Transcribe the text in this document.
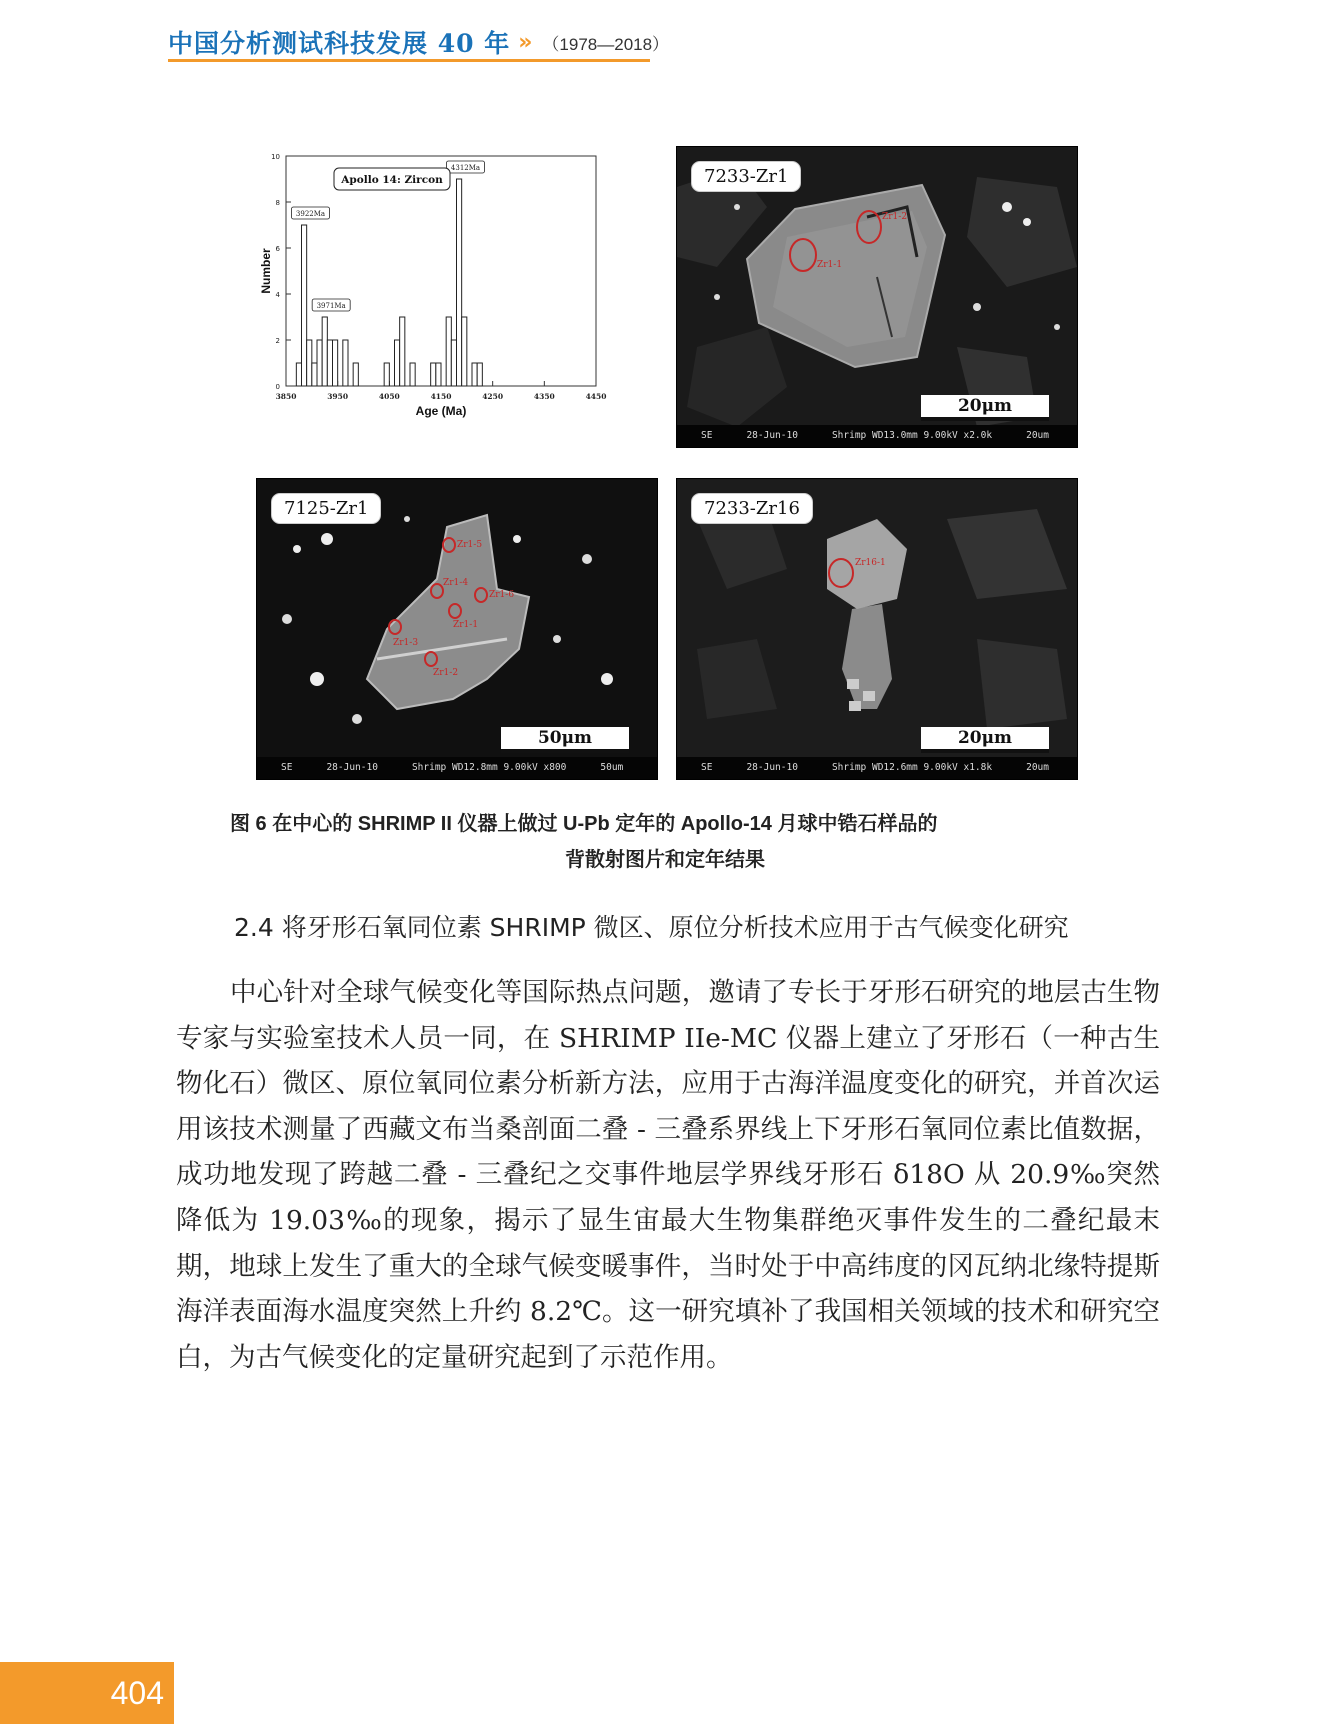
中国分析测试科技发展 40 年 » （1978—2018）
0
2
4
6
8
10
3850	3950	4050	4150	4250	4350	4450
3922Ma
3971Ma
4312Ma
Apollo 14: Zircon
Age (Ma)
Number
Zr1-2
Zr1-1
7233-Zr1
20μm
SE	28-Jun-10	Shrimp WD13.0mm 9.00kV x2.0k	20um
Zr1-5
Zr1-4
Zr1-6
Zr1-1
Zr1-3
Zr1-2
7125-Zr1
50μm
SE	28-Jun-10	Shrimp WD12.8mm 9.00kV x800	50um
Zr16-1
7233-Zr16
20μm
SE	28-Jun-10	Shrimp WD12.6mm 9.00kV x1.8k	20um
图 6 在中心的 SHRIMP II 仪器上做过 U-Pb 定年的 Apollo-14 月球中锆石样品的
背散射图片和定年结果
2.4 将牙形石氧同位素 SHRIMP 微区、原位分析技术应用于古气候变化研究

中心针对全球气候变化等国际热点问题，邀请了专长于牙形石研究的地层古生物专家与实验室技术人员一同，在 SHRIMP IIe-MC 仪器上建立了牙形石（一种古生物化石）微区、原位氧同位素分析新方法，应用于古海洋温度变化的研究，并首次运用该技术测量了西藏文布当桑剖面二叠 - 三叠系界线上下牙形石氧同位素比值数据，成功地发现了跨越二叠 - 三叠纪之交事件地层学界线牙形石 δ18O 从 20.9‰突然降低为 19.03‰的现象，揭示了显生宙最大生物集群绝灭事件发生的二叠纪最末期，地球上发生了重大的全球气候变暖事件，当时处于中高纬度的冈瓦纳北缘特提斯海洋表面海水温度突然上升约 8.2℃。这一研究填补了我国相关领域的技术和研究空白，为古气候变化的定量研究起到了示范作用。

404
